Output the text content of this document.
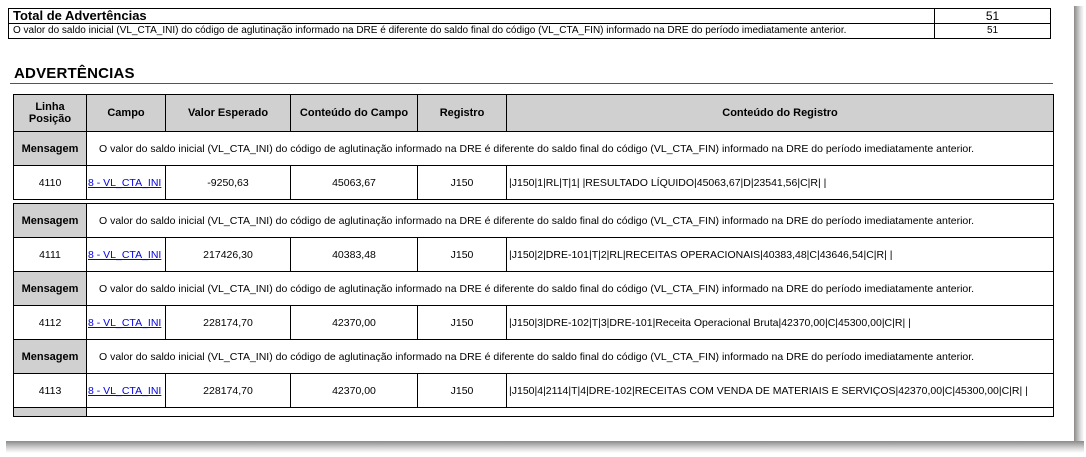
Total de Advertências	51
O valor do saldo inicial (VL_CTA_INI) do código de aglutinação informado na DRE é diferente do saldo final do código (VL_CTA_FIN) informado na DRE do período imediatamente anterior.	51
ADVERTÊNCIAS
Linha
Posição	Campo	Valor Esperado	Conteúdo do Campo	Registro	Conteúdo do Registro
Mensagem	O valor do saldo inicial (VL_CTA_INI) do código de aglutinação informado na DRE é diferente do saldo final do código (VL_CTA_FIN) informado na DRE do período imediatamente anterior.				
4110	8 - VL_CTA_INI	-9250,63	45063,67	J150	|J150|1|RL|T|1| |RESULTADO LÍQUIDO|45063,67|D|23541,56|C|R| |

Mensagem	O valor do saldo inicial (VL_CTA_INI) do código de aglutinação informado na DRE é diferente do saldo final do código (VL_CTA_FIN) informado na DRE do período imediatamente anterior.				
4111	8 - VL_CTA_INI	217426,30	40383,48	J150	|J150|2|DRE-101|T|2|RL|RECEITAS OPERACIONAIS|40383,48|C|43646,54|C|R| |
Mensagem	O valor do saldo inicial (VL_CTA_INI) do código de aglutinação informado na DRE é diferente do saldo final do código (VL_CTA_FIN) informado na DRE do período imediatamente anterior.				
4112	8 - VL_CTA_INI	228174,70	42370,00	J150	|J150|3|DRE-102|T|3|DRE-101|Receita Operacional Bruta|42370,00|C|45300,00|C|R| |
Mensagem	O valor do saldo inicial (VL_CTA_INI) do código de aglutinação informado na DRE é diferente do saldo final do código (VL_CTA_FIN) informado na DRE do período imediatamente anterior.				
4113	8 - VL_CTA_INI	228174,70	42370,00	J150	|J150|4|2114|T|4|DRE-102|RECEITAS COM VENDA DE MATERIAIS E SERVIÇOS|42370,00|C|45300,00|C|R| |
